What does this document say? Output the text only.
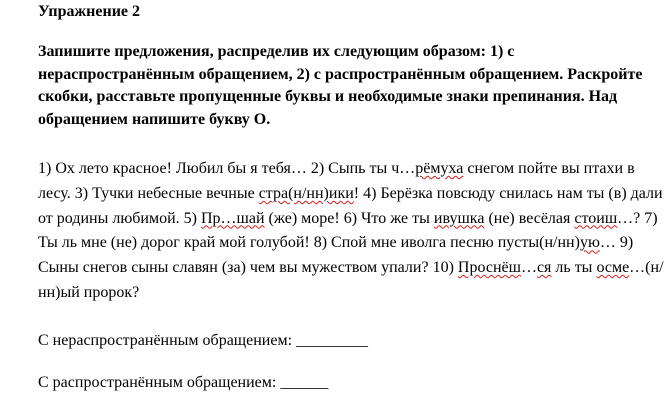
Упражнение 2

Запишите предложения, распределив их следующим образом: 1) с нераспространённым обращением, 2) с распространённым обращением. Раскройте скобки, расставьте пропущенные буквы и необходимые знаки препинания. Над обращением напишите букву О.

1) Ох лето красное! Любил бы я тебя… 2) Сыпь ты ч…рёмуха снегом пойте вы птахи в лесу. 3) Тучки небесные вечные стра(н/нн)ики! 4) Берёзка повсюду снилась нам ты (в) дали от родины любимой. 5) Пр…шай (же) море! 6) Что же ты ивушка (не) весёлая стоиш…? 7) Ты ль мне (не) дорог край мой голубой! 8) Спой мне иволга песню пусты(н/нн)ую… 9) Сыны снегов сыны славян (за) чем вы мужеством упали? 10) Проснёш…ся ль ты осме…(н/нн)ый пророк?

С нераспространённым обращением: _________

С распространённым обращением: ______
